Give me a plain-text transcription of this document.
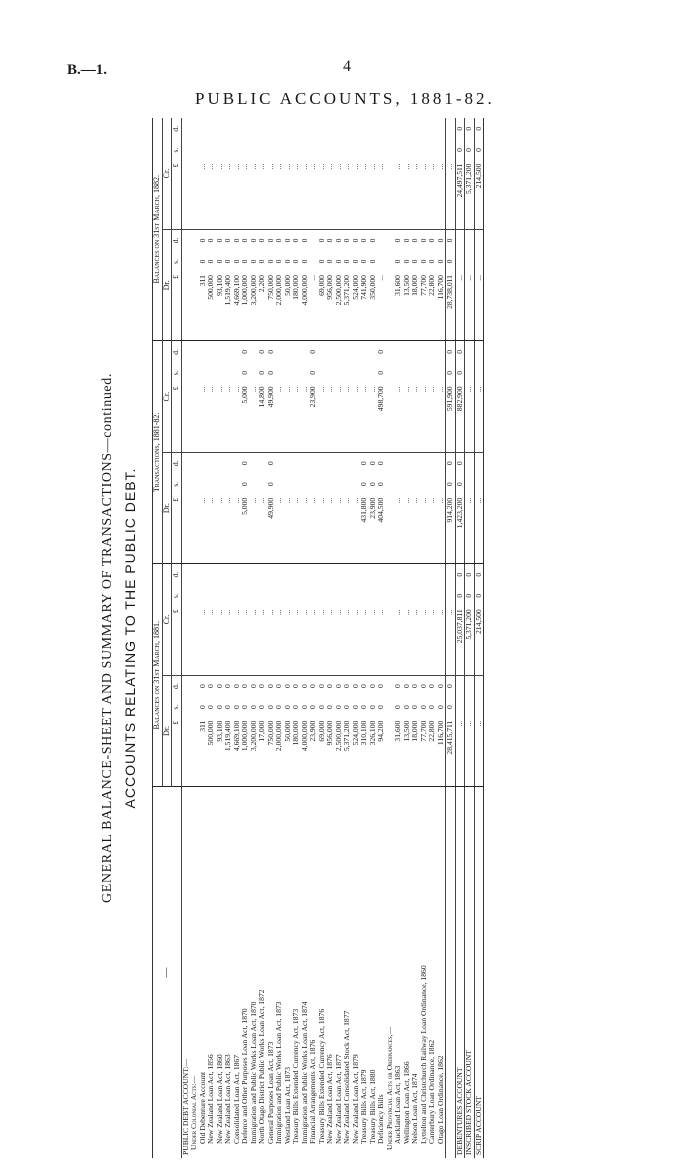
B.—1.	4
PUBLIC ACCOUNTS, 1881-82.
GENERAL BALANCE-SHEET AND SUMMARY OF TRANSACTIONS—continued. ACCOUNTS RELATING TO THE PUBLIC DEBT.
—	Balances on 31st March, 1881.						Transactions, 1881-82.						Balances on 31st March, 1882.					
	Dr.			Cr.			Dr.			Cr.			Dr.			Cr.		
	£	s.	d.	£	s.	d.	£	s.	d.	£	s.	d.	£	s.	d.	£	s.	d.
PUBLIC DEBT ACCOUNT:—																		
Under Colonial Acts:—																		
Old Debenture Account	311	0	0	...			...			...			311	0	0	...		
New Zealand Loan Act, 1856	500,000	0	0	...			...			...			500,000	0	0	...		
New Zealand Loan Act, 1860	93,100	0	0	...			...			...			93,100	0	0	...		
New Zealand Loan Act, 1863	1,519,400	0	0	...			...			...			1,519,400	0	0	...		
Consolidated Loan Act, 1867	4,669,100	0	0	...			...			...			4,669,100	0	0	...		
Defence and Other Purposes Loan Act, 1870	1,000,000	0	0	...			5,000	0	0	5,000	0	0	1,000,000	0	0	...		
Immigration and Public Works Loan Act, 1870	3,200,000	0	0	...			...			...			3,200,000	0	0	...		
North Otago District Public Works Loan Act, 1872	17,000	0	0	...			...			14,800	0	0	2,200	0	0	...		
General Purposes Loan Act, 1873	750,000	0	0	...			49,900	0	0	49,900	0	0	750,000	0	0	...		
Immigration and Public Works Loan Act, 1873	2,000,000	0	0	...			...			...			2,000,000	0	0	...		
Westland Loan Act, 1873	50,000	0	0	...			...			...			50,000	0	0	...		
Treasury Bills Extended Currency Act, 1873	180,000	0	0	...			...			...			180,000	0	0	...		
Immigration and Public Works Loan Act, 1874	4,000,000	0	0	...			...			...			4,000,000	0	0	...		
Financial Arrangements Act, 1876	23,900	0	0	...			...			23,900	0	0	...			...		
Treasury Bills Extended Currency Act, 1876	69,000	0	0	...			...			...			69,000	0	0	...		
New Zealand Loan Act, 1876	956,000	0	0	...			...			...			956,000	0	0	...		
New Zealand Loan Act, 1877	2,500,000	0	0	...			...			...			2,500,000	0	0	...		
New Zealand Consolidated Stock Act, 1877	5,371,200	0	0	...			...			...			5,371,200	0	0	...		
New Zealand Loan Act, 1879	524,000	0	0	...			...			...			524,000	0	0	...		
Treasury Bills Act, 1879	310,100	0	0	...			431,800	0	0	...			741,900	0	0	...		
Treasury Bills Act, 1880	326,100	0	0	...			23,900	0	0	...			350,000	0	0	...		
Deficiency Bills	94,200	0	0	...			404,500	0	0	498,700	0	0	...			...		
Under Provincial Acts or Ordinances,—																		
Auckland Loan Act, 1863	31,600	0	0	...			...			...			31,600	0	0	...		
Wellington Loan Act, 1866	13,500	0	0	...			...			...			13,500	0	0	...		
Nelson Loan Act, 1874	18,000	0	0	...			...			...			18,000	0	0	...		
Lyttelton and Christchurch Railway Loan Ordinance, 1860	77,700	0	0	...			...			...			77,700	0	0	...		
Canterbury Loan Ordinance, 1862	22,800	0	0	...			...			...			22,800	0	0	...		
Otago Loan Ordinance, 1862	116,700	0	0	...			...			...			116,700	0	0	...		
	28,415,711	0	0	...			914,200	0	0	591,900	0	0	28,738,011	0	0	...		
DEBENTURES ACCOUNT	...			25,037,811	0	0	1,423,200	0	0	882,900	0	0	...			24,497,511	0	0
INSCRIBED STOCK ACCOUNT	...			5,371,200	0	0	...			...			...			5,371,200	0	0
SCRIP ACCOUNT	...			214,500	0	0	...			...			...			214,500	0	0
